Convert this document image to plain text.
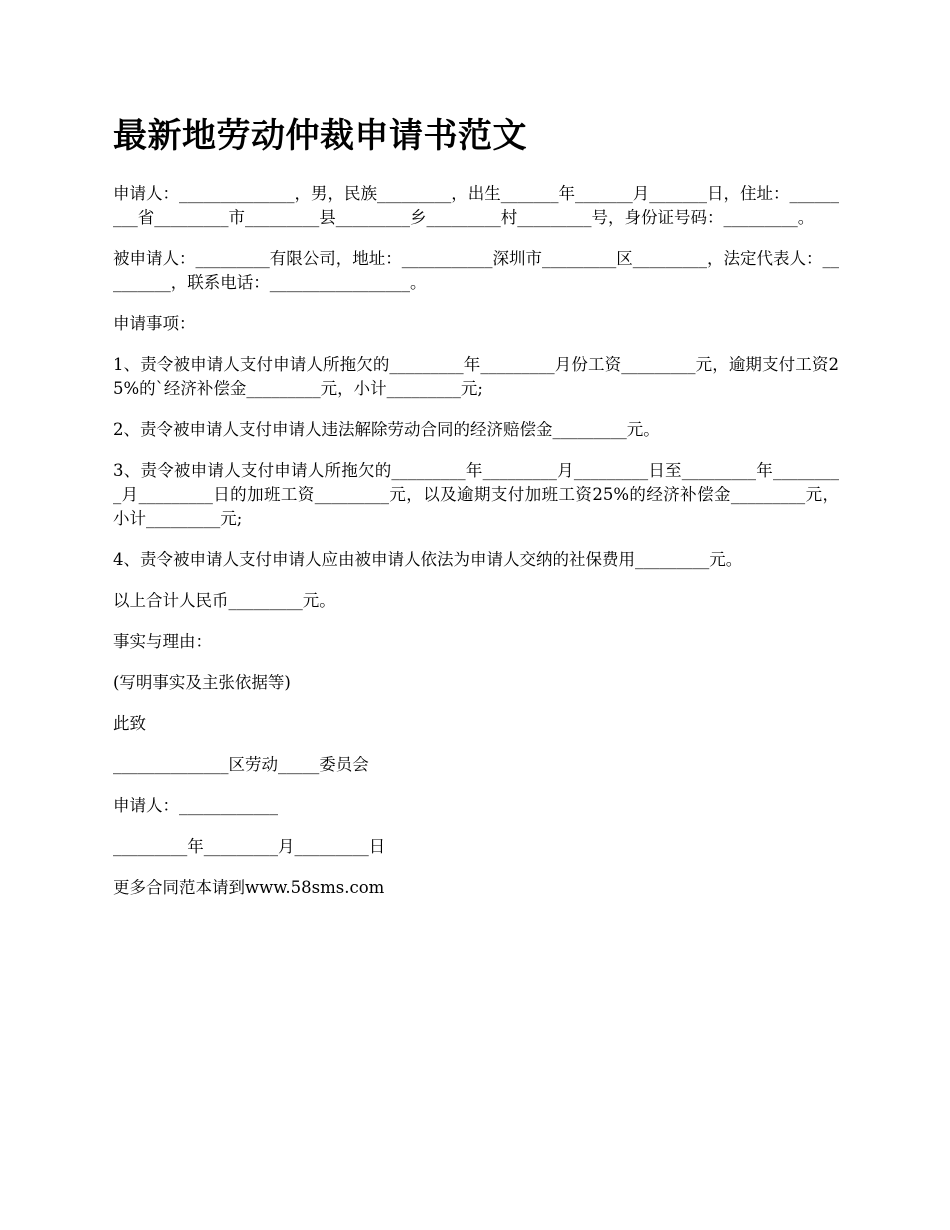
最新地劳动仲裁申请书范文

申请人：______________，男，民族_________，出生_______年_______月_______日，住址：_________省_________市_________县_________乡_________村_________号，身份证号码：_________。

被申请人：_________有限公司，地址：___________深圳市_________区_________，法定代表人：_________，联系电话：_________________。

申请事项：

1、责令被申请人支付申请人所拖欠的_________年_________月份工资_________元，逾期支付工资25%的`经济补偿金_________元，小计_________元;

2、责令被申请人支付申请人违法解除劳动合同的经济赔偿金_________元。

3、责令被申请人支付申请人所拖欠的_________年_________月_________日至_________年_________月_________日的加班工资_________元，以及逾期支付加班工资25%的经济补偿金_________元，小计_________元;

4、责令被申请人支付申请人应由被申请人依法为申请人交纳的社保费用_________元。

以上合计人民币_________元。

事实与理由：

(写明事实及主张依据等)

此致

______________区劳动_____委员会

申请人：____________

_________年_________月_________日

更多合同范本请到www.58sms.com
